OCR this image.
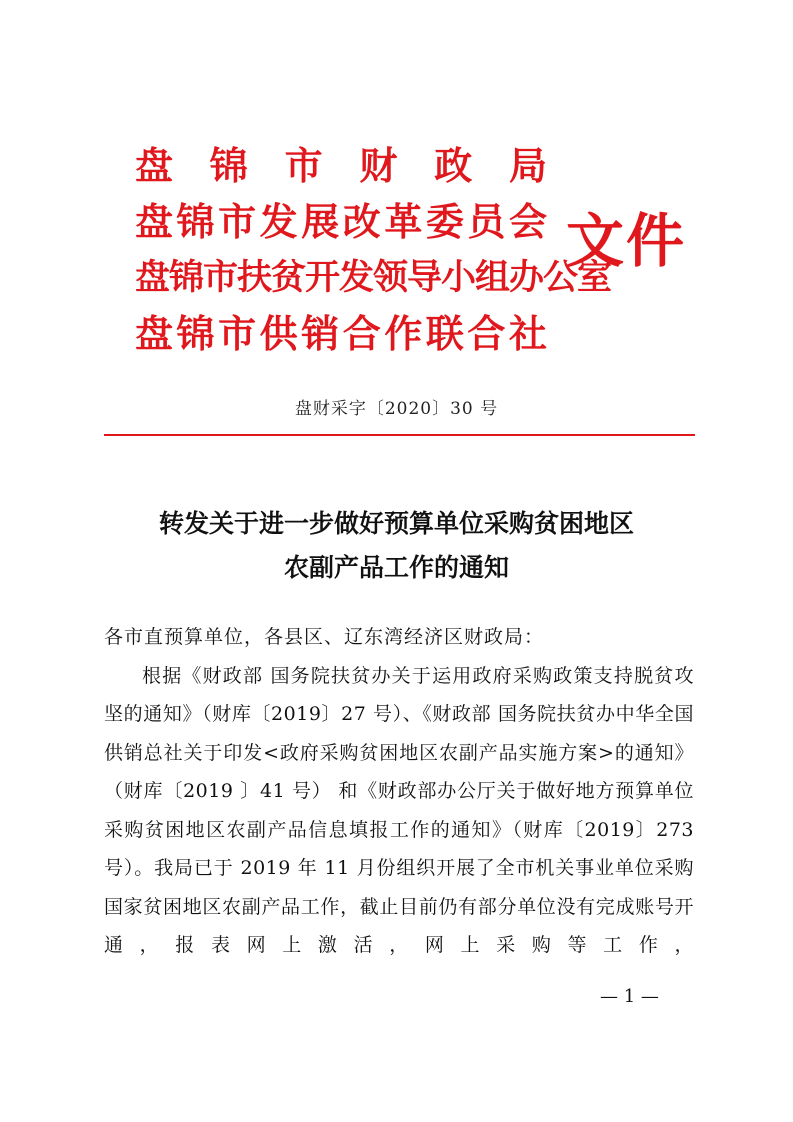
盘锦市财政局
盘锦市发展改革委员会
盘锦市扶贫开发领导小组办公室
盘锦市供销合作联合社
文件
盘财采字〔2020〕30 号
转发关于进一步做好预算单位采购贫困地区
农副产品工作的通知
各市直预算单位，各县区、辽东湾经济区财政局：
根据《财政部 国务院扶贫办关于运用政府采购政策支持脱贫攻坚的通知》（财库〔2019〕27 号）、《财政部 国务院扶贫办中华全国供销总社关于印发<政府采购贫困地区农副产品实施方案>的通知》（财库〔2019 〕41 号） 和《财政部办公厅关于做好地方预算单位采购贫困地区农副产品信息填报工作的通知》（财库〔2019〕273 号）。我局已于 2019 年 11 月份组织开展了全市机关事业单位采购国家贫困地区农副产品工作，截止目前仍有部分单位没有完成账号开通，报表网上激活，网上采购等工作，
— 1 —
